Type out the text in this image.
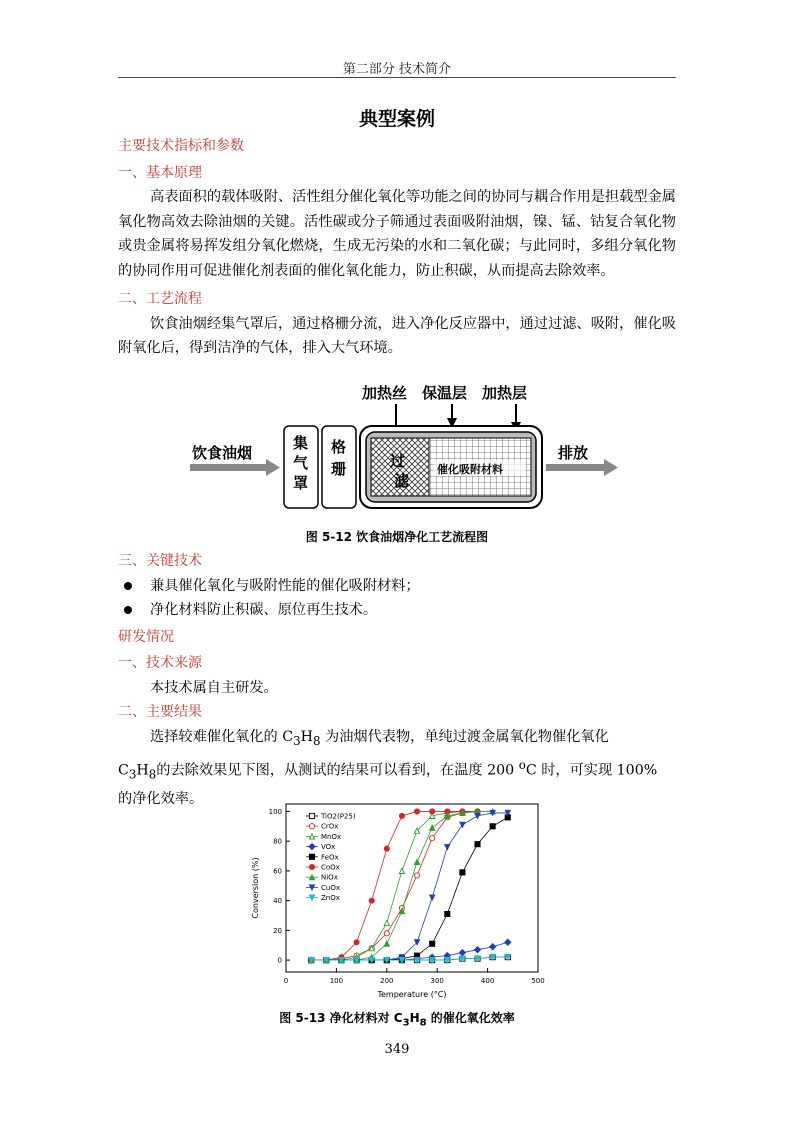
第二部分 技术简介
典型案例
主要技术指标和参数
一、基本原理
高表面积的载体吸附、活性组分催化氧化等功能之间的协同与耦合作用是担载型金属氧化物高效去除油烟的关键。活性碳或分子筛通过表面吸附油烟，镍、锰、钴复合氧化物或贵金属将易挥发组分氧化燃烧，生成无污染的水和二氧化碳；与此同时，多组分氧化物的协同作用可促进催化剂表面的催化氧化能力，防止积碳，从而提高去除效率。
二、工艺流程
饮食油烟经集气罩后，通过格栅分流，进入净化反应器中，通过过滤、吸附，催化吸附氧化后，得到洁净的气体，排入大气环境。
加热丝 保温层 加热层
饮食油烟
集
气
罩
格
珊	过
滤
催化吸附材料
排放
图 5-12 饮食油烟净化工艺流程图
三、关键技术
兼具催化氧化与吸附性能的催化吸附材料；
净化材料防止积碳、原位再生技术。
研发情况
一、技术来源
本技术属自主研发。
二、主要结果
选择较难催化氧化的 $C_3H_8$ 为油烟代表物，单纯过渡金属氧化物催化氧化
$C_3H_8$的去除效果见下图，从测试的结果可以看到，在温度 200 $^o$C 时，可实现 100%
的净化效率。
0	100	200	300	400	500
0
20
40
60
80
100
Temperature (°C)
Conversion (%)
TiO2(P25)
CrOx
MnOx
VOx
FeOx
CoOx
NiOx
CuOx
ZnOx
图 5-13 净化材料对 $C_3H_8$ 的催化氧化效率
349
